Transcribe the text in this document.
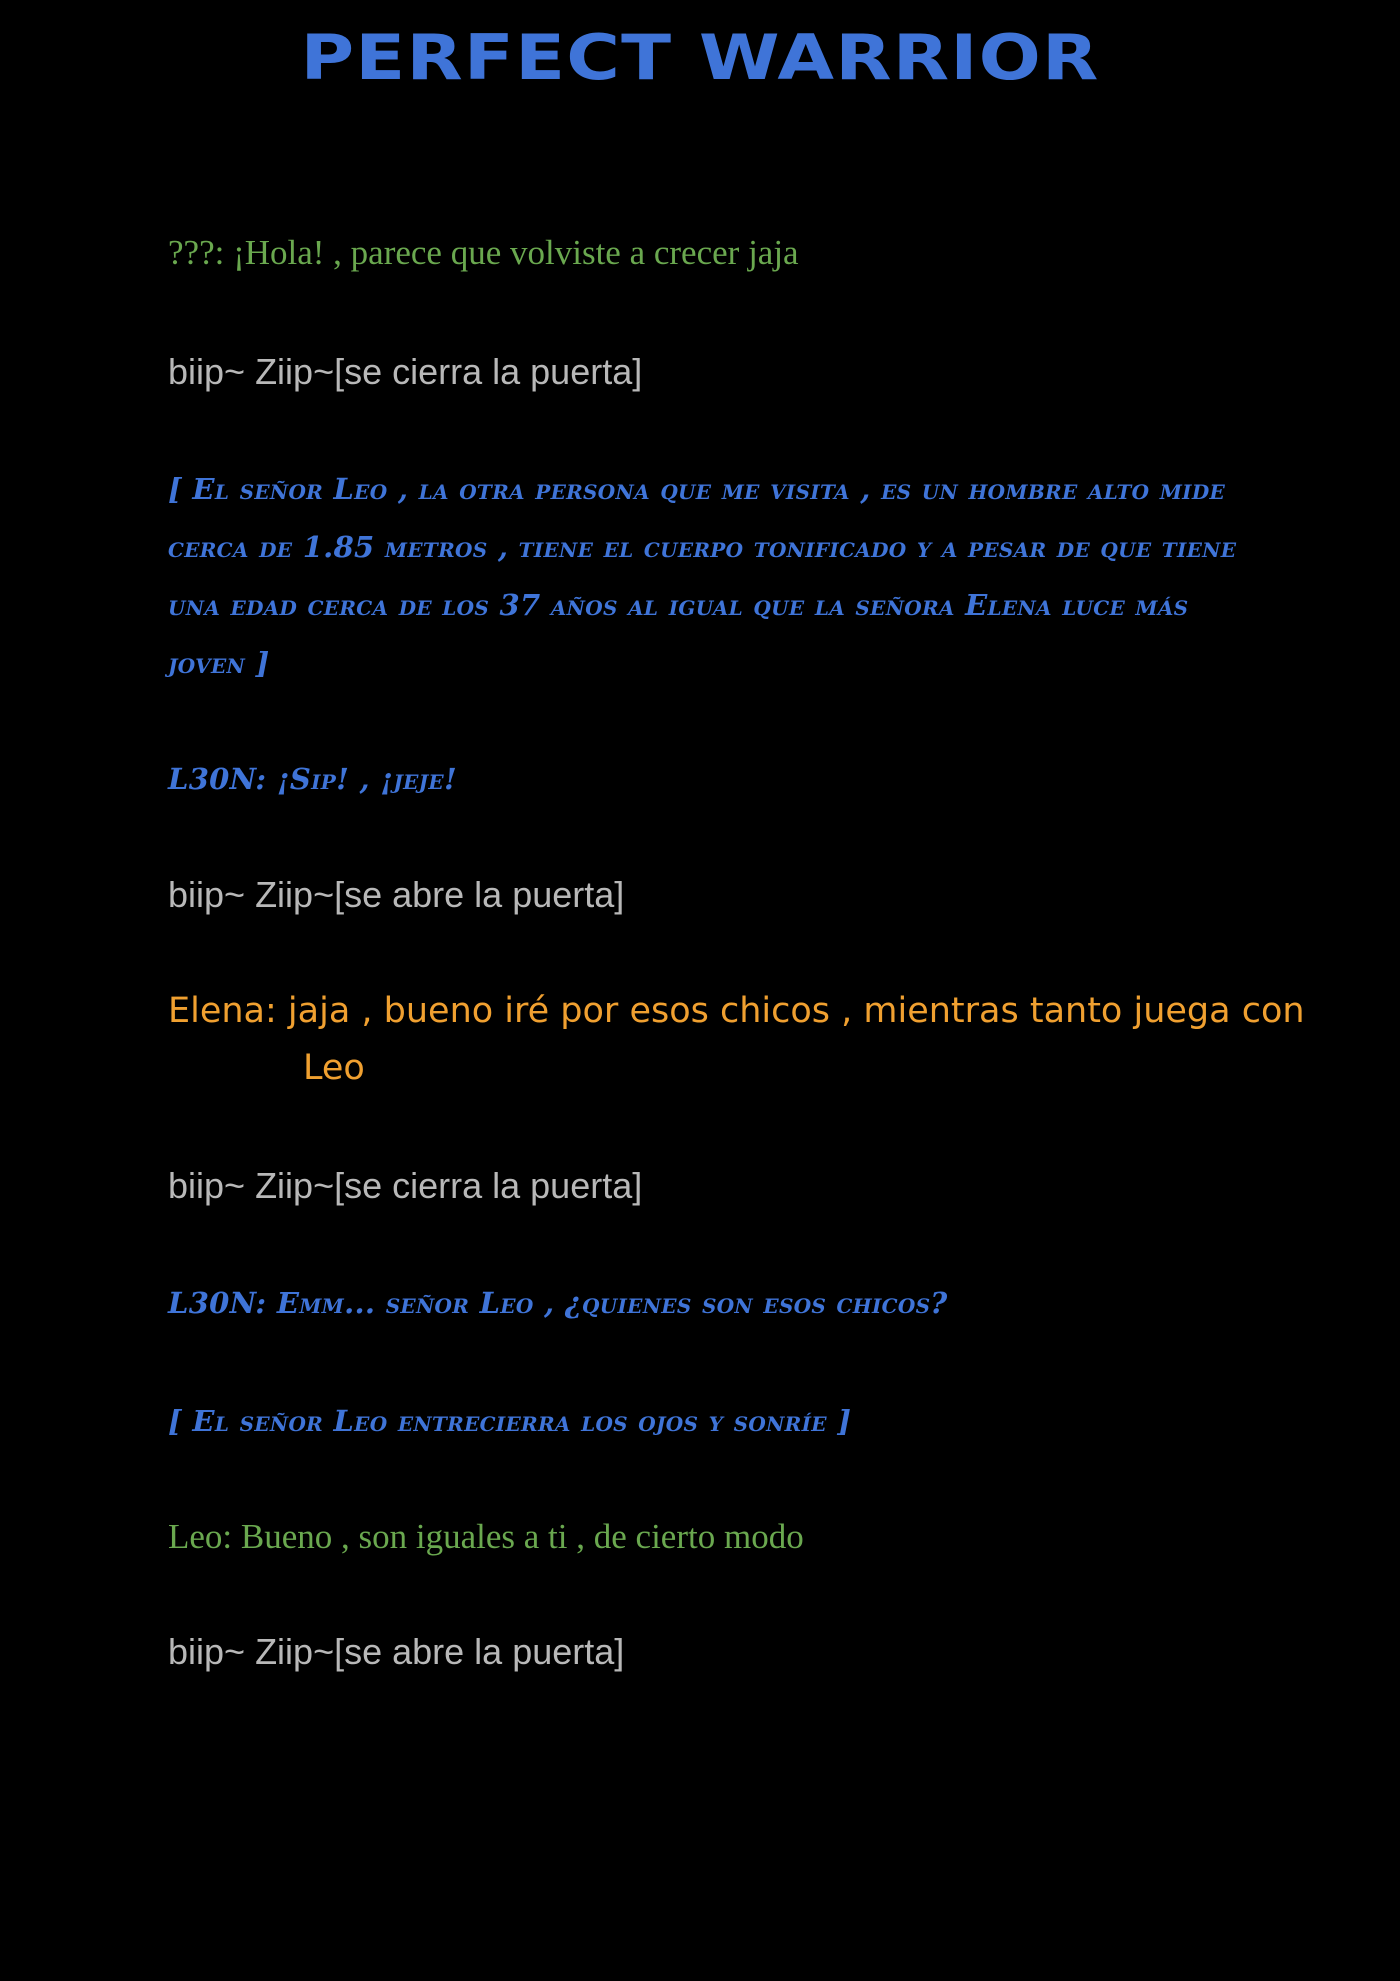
PERFECT WARRIOR

???: ¡Hola! , parece que volviste a crecer jaja

biip~ Ziip~[se cierra la puerta]

[ El señor Leo , la otra persona que me visita , es un hombre alto mide cerca de 1.85 metros , tiene el cuerpo tonificado y a pesar de que tiene una edad cerca de los 37 años al igual que la señora Elena luce más joven ]

L30N: ¡Sip! , ¡jeje!

biip~ Ziip~[se abre la puerta]

Elena: jaja , bueno iré por esos chicos , mientras tanto juega con Leo

biip~ Ziip~[se cierra la puerta]

L30N: Emm... señor Leo , ¿quienes son esos chicos?

[ El señor Leo entrecierra los ojos y sonríe ]

Leo: Bueno , son iguales a ti , de cierto modo

biip~ Ziip~[se abre la puerta]
